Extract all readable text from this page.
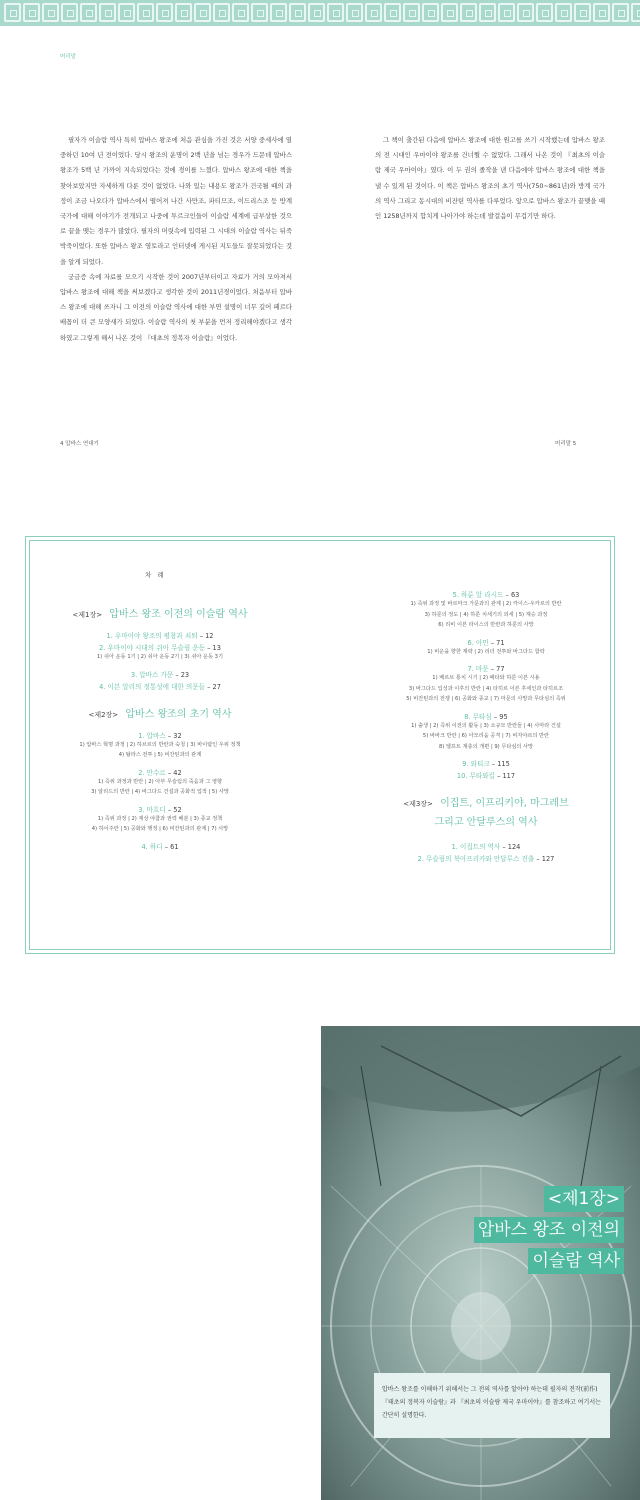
머리말

필자가 이슬람 역사 특히 압바스 왕조에 처음 관심을 가진 것은 서양 중세사에 열중하던 10여 년 전이었다. 당시 왕조의 운명이 2백 년을 넘는 경우가 드문데 압바스 왕조가 5백 년 가까이 지속되었다는 것에 경이를 느꼈다. 압바스 왕조에 대한 책을 찾아보았지만 자세하게 다룬 것이 없었다. 나와 있는 내용도 왕조가 건국될 때의 과정이 조금 나오다가 압바스에서 떨어져 나간 사만조, 파티므조, 이드리스조 등 방계 국가에 대해 이야기가 전개되고 나중에 투르크인들이 이슬람 세계에 급부상한 것으로 끝을 맺는 경우가 많았다. 필자의 머릿속에 입력된 그 시대의 이슬람 역사는 뒤죽박죽이었다. 또한 압바스 왕조 영토라고 인터넷에 게시된 지도들도 잘못되었다는 것을 알게 되었다.

궁금증 속에 자료를 모으기 시작한 것이 2007년부터이고 자료가 거의 모아져서 압바스 왕조에 대해 책을 써보겠다고 생각한 것이 2011년경이었다. 처음부터 압바스 왕조에 대해 쓰자니 그 이전의 이슬람 역사에 대한 부연 설명이 너무 길어 페르다 배꼽이 더 큰 모양새가 되었다. 이슬람 역사의 첫 부분을 먼저 정리해야겠다고 생각하였고 그렇게 해서 나온 것이 『대초의 정복자 이슬람』이었다.

그 책이 출간된 다음에 압바스 왕조에 대한 원고를 쓰기 시작했는데 압바스 왕조의 전 시대인 우마이야 왕조를 건너뛸 수 없었다. 그래서 나온 것이 『최초의 이슬람 제국 우마이야』였다. 이 두 권의 졸작을 낸 다음에야 압바스 왕조에 대한 책을 낼 수 있게 된 것이다. 이 책은 압바스 왕조의 초기 역사(750~861년)와 방계 국가의 역사 그리고 동시대의 비잔틴 역사를 다루었다. 앞으로 압바스 왕조가 끝맺을 때인 1258년까지 합치게 나아가야 하는데 발걸음이 무겁기만 하다.

4 압바스 연대기	머리말 5
차 례
<제1장> 압바스 왕조 이전의 이슬람 역사
1. 우마이야 왕조의 평창과 쇠퇴 – 12
2. 우마이야 시대의 쉬아 무슬림 운동 – 13
1) 쉬아 운동 1기 | 2) 쉬아 운동 2기 | 3) 쉬아 운동 3기
3. 압바스 가문 – 23
4. 이븐 알리의 정통성에 대한 의문들 – 27
<제2장> 압바스 왕조의 초기 역사
1. 압바스 – 32
1) 압바스 혁명 과정 | 2) 하브르의 반란과 숙청 | 3) 바이람인 우위 정책
4) 탈라스 전투 | 5) 비잔틴과의 관계
2. 만수르 – 42
1) 즉위 과정과 반란 | 2) 아부 무슬림의 죽음과 그 영향
3) 알리드의 반란 | 4) 바그다드 건설과 공화적 업적 | 5) 사망
3. 마흐디 – 52
1) 즉위 과정 | 2) 재상 야쿱과 권력 배분 | 3) 종교 정책
4) 하이주란 | 5) 공화와 행정 | 6) 비잔틴과의 관계 | 7) 사망
4. 하디 – 61
5. 하룬 알 라시드 – 63
1) 즉위 과정 및 바르마크 가문과의 관계 | 2) 카이스-우카르의 반란
3) 하룬의 정도 | 4) 하룬 치세기의 외세 | 5) 계승 과정
6) 리비 이븐 라이스의 반란과 하룬의 사망
6. 아민 – 71
1) 비운을 향한 계략 | 2) 리더 전투와 바그다드 함락
7. 마문 – 77
1) 베르브 통치 시기 | 2) 페타와 하룬 이븐 시용
3) 바그다드 입성과 이후의 반란 | 4) 타히르 이븐 후세인과 타히르조
5) 비잔틴과의 전쟁 | 6) 공화와 종교 | 7) 마문의 사망과 무타심의 즉위
8. 무타심 – 95
1) 출생 | 2) 즉위 이전의 활동 | 3) 소규모 반란들 | 4) 사마라 건설
5) 바바크 반란 | 6) 아모리움 공격 | 7) 비자야르의 반란
8) 엘프트 계층의 개편 | 9) 무타심의 사망
9. 와티크 – 115
10. 무타와킬 – 117
<제3장> 이집트, 이프리키야, 마그레브
그리고 안달루스의 역사
1. 이집트의 역사 – 124
2. 무슬림의 북아프리카와 안달루스 진출 – 127
<제1장>
압바스 왕조 이전의
이슬람 역사
압바스 왕조를 이해하기 위해서는 그 전의 역사를 알아야 하는데 필자의 전작(前作) 『태초의 정복자 이슬람』과 『최초의 이슬람 제국 우마이야』를 참조하고 여기서는 간단히 설명한다.
